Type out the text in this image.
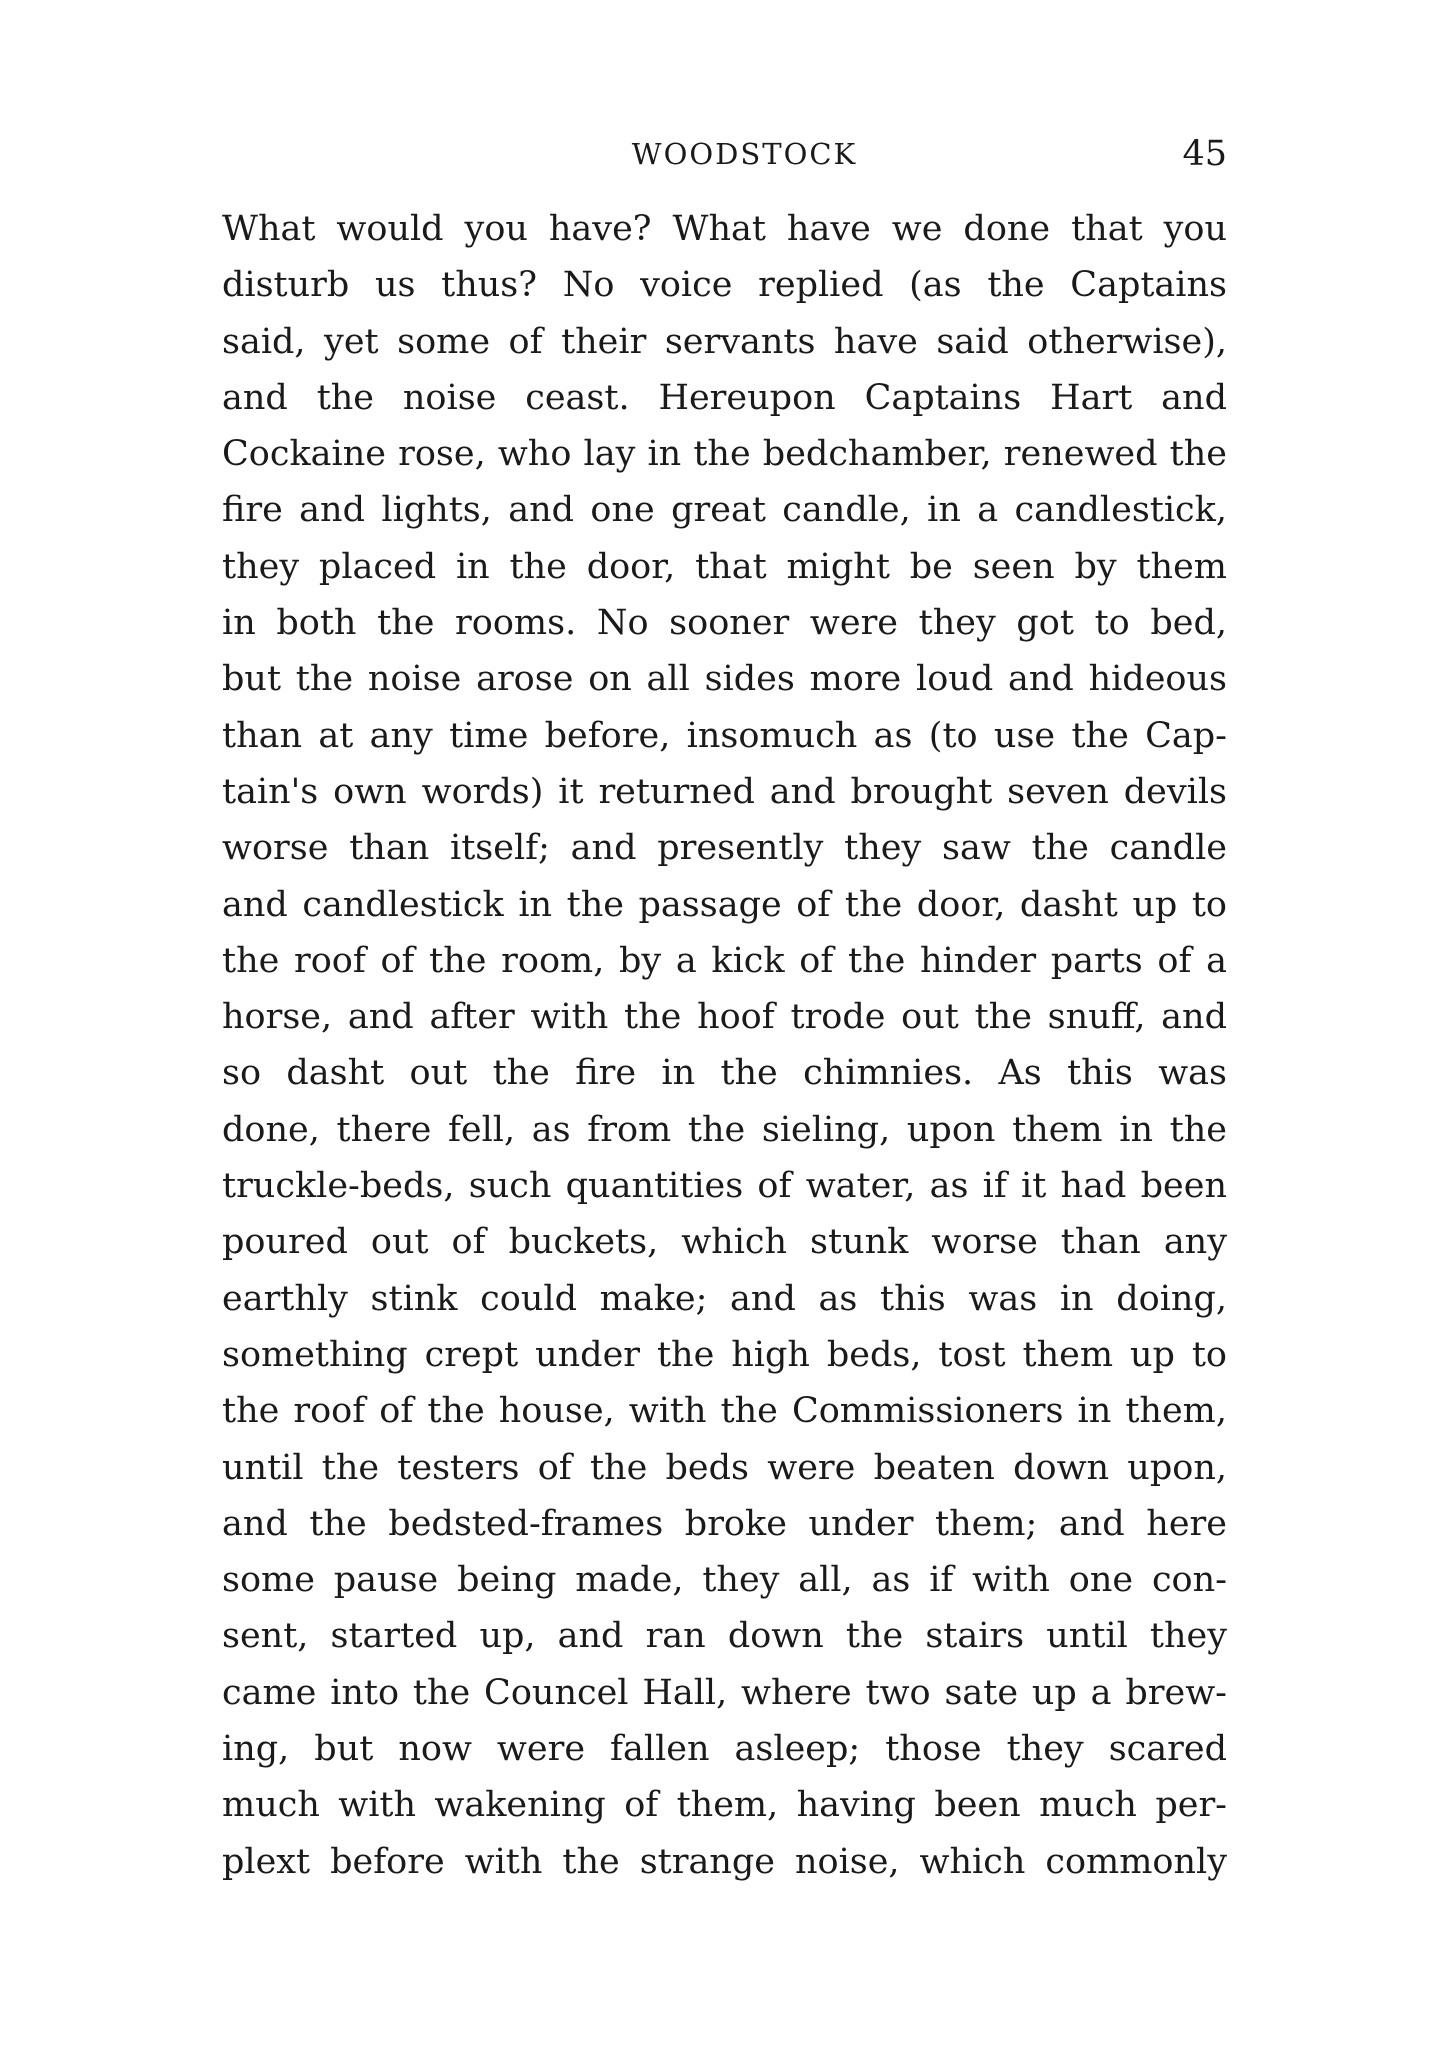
WOODSTOCK	45
What would you have? What have we done that you
disturb us thus? No voice replied (as the Captains
said, yet some of their servants have said otherwise),
and the noise ceast. Hereupon Captains Hart and
Cockaine rose, who lay in the bedchamber, renewed the
fire and lights, and one great candle, in a candlestick,
they placed in the door, that might be seen by them
in both the rooms. No sooner were they got to bed,
but the noise arose on all sides more loud and hideous
than at any time before, insomuch as (to use the Cap-
tain's own words) it returned and brought seven devils
worse than itself; and presently they saw the candle
and candlestick in the passage of the door, dasht up to
the roof of the room, by a kick of the hinder parts of a
horse, and after with the hoof trode out the snuff, and
so dasht out the fire in the chimnies. As this was
done, there fell, as from the sieling, upon them in the
truckle-beds, such quantities of water, as if it had been
poured out of buckets, which stunk worse than any
earthly stink could make; and as this was in doing,
something crept under the high beds, tost them up to
the roof of the house, with the Commissioners in them,
until the testers of the beds were beaten down upon,
and the bedsted-frames broke under them; and here
some pause being made, they all, as if with one con-
sent, started up, and ran down the stairs until they
came into the Councel Hall, where two sate up a brew-
ing, but now were fallen asleep; those they scared
much with wakening of them, having been much per-
plext before with the strange noise, which commonly
